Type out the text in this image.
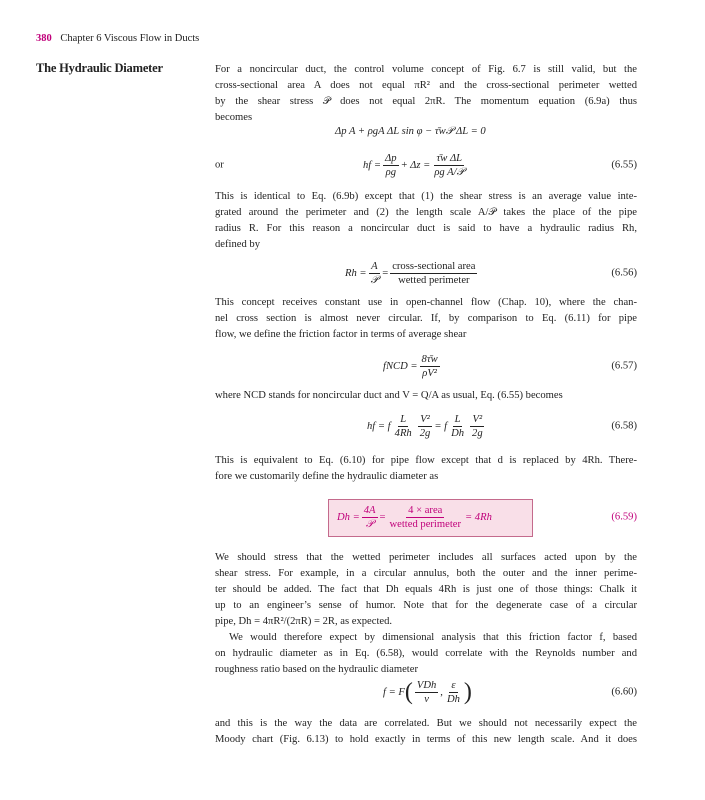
380 Chapter 6 Viscous Flow in Ducts
The Hydraulic Diameter	For a noncircular duct, the control volume concept of Fig. 6.7 is still valid, but the
cross-sectional area A does not equal πR² and the cross-sectional perimeter wetted
by the shear stress 𝒫 does not equal 2πR. The momentum equation (6.9a) thus
becomes
Δp A + ρgA ΔL sin φ − τ̄w𝒫 ΔL = 0
or	hf = $\frac{\Delta p}{\rho g} + \Delta z = \frac{\text{τ̄w ΔL}}{\text{ρg A/𝒫}}$	(6.55)
This is identical to Eq. (6.9b) except that (1) the shear stress is an average value inte-
grated around the perimeter and (2) the length scale A/𝒫 takes the place of the pipe
radius R. For this reason a noncircular duct is said to have a hydraulic radius Rh,
defined by
$Rh = \frac{A}{\text{𝒫}} = \frac{\text{cross-sectional area}}{\text{wetted perimeter}}$	(6.56)
This concept receives constant use in open-channel flow (Chap. 10), where the chan-
nel cross section is almost never circular. If, by comparison to Eq. (6.11) for pipe
flow, we define the friction factor in terms of average shear
fNCD = $\frac{8\taūw}{\text{ρV²}}$	(6.57)
where NCD stands for noncircular duct and V = Q/A as usual, Eq. (6.55) becomes
hf = f $\frac{L}{4Rh} \frac{\text{V²}}{2g} = f \frac{L}{Dh} \frac{\text{V²}}{2g}$	(6.58)
This is equivalent to Eq. (6.10) for pipe flow except that d is replaced by 4Rh. There-
fore we customarily define the hydraulic diameter as
$Dh = \frac{4A}{\text{𝒫}} = \frac{\text{4 × area}}{\text{wetted perimeter}} = 4Rh$	(6.59)
We should stress that the wetted perimeter includes all surfaces acted upon by the
shear stress. For example, in a circular annulus, both the outer and the inner perime-
ter should be added. The fact that Dh equals 4Rh is just one of those things: Chalk it
up to an engineer’s sense of humor. Note that for the degenerate case of a circular
pipe, Dh = 4πR²/(2πR) = 2R, as expected.
We would therefore expect by dimensional analysis that this friction factor f, based
on hydraulic diameter as in Eq. (6.58), would correlate with the Reynolds number and
roughness ratio based on the hydraulic diameter
f = F ( $\frac{\text{VDh}}{\nu}$ , $\frac{\varepsilon}{Dh}$ )	(6.60)
and this is the way the data are correlated. But we should not necessarily expect the
Moody chart (Fig. 6.13) to hold exactly in terms of this new length scale. And it does
